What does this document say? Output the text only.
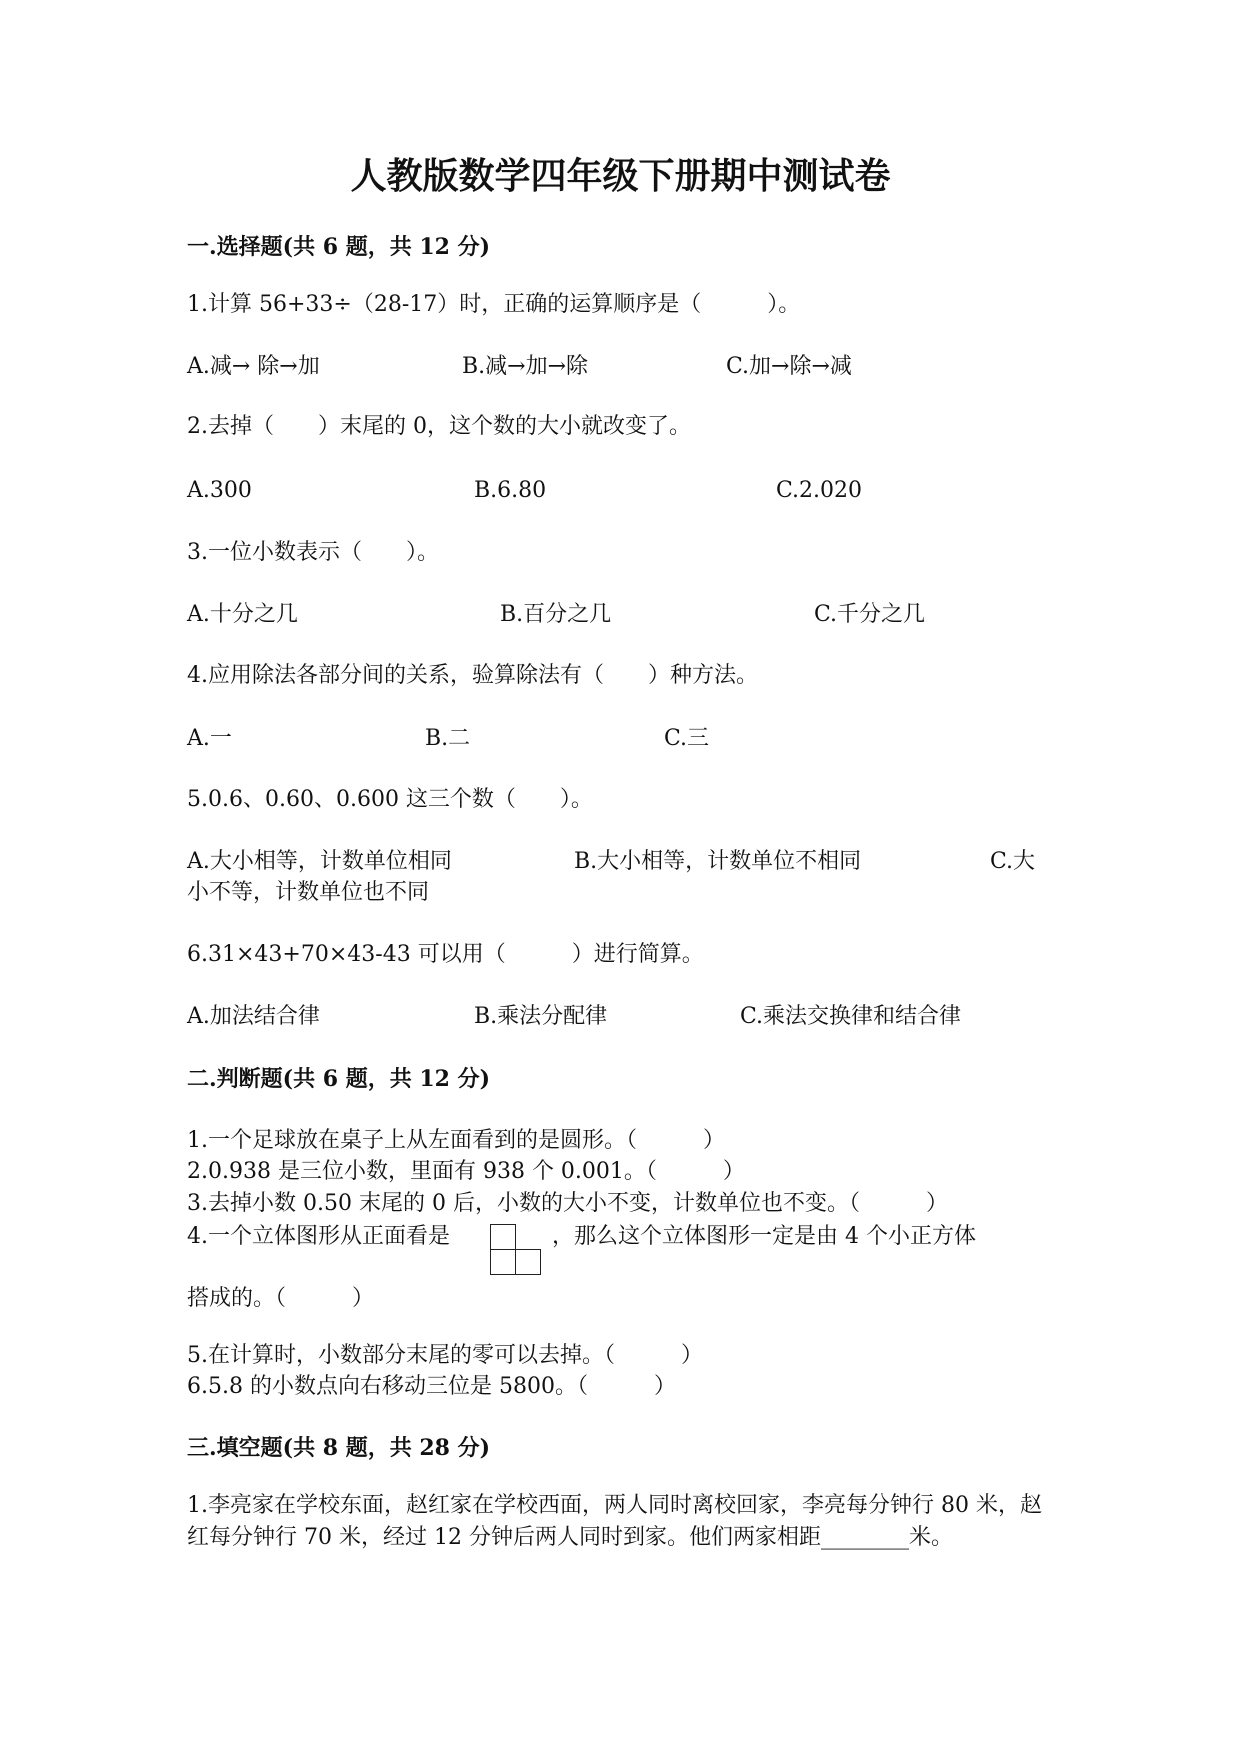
人教版数学四年级下册期中测试卷
一.选择题(共 6 题，共 12 分)
1.计算 56+33÷（28-17）时，正确的运算顺序是（　　　）。
A.减→ 除→加	B.减→加→除	C.加→除→减
2.去掉（　　）末尾的 0，这个数的大小就改变了。
A.300	B.6.80	C.2.020
3.一位小数表示（　　）。
A.十分之几	B.百分之几	C.千分之几
4.应用除法各部分间的关系，验算除法有（　　）种方法。
A.一	B.二	C.三
5.0.6、0.60、0.600 这三个数（　　）。
A.大小相等，计数单位相同	B.大小相等，计数单位不相同	C.大
小不等，计数单位也不同
6.31×43+70×43-43 可以用（　　　）进行简算。
A.加法结合律	B.乘法分配律	C.乘法交换律和结合律
二.判断题(共 6 题，共 12 分)
1.一个足球放在桌子上从左面看到的是圆形。（　　　）
2.0.938 是三位小数，里面有 938 个 0.001。（　　　）
3.去掉小数 0.50 末尾的 0 后，小数的大小不变，计数单位也不变。（　　　）
4.一个立体图形从正面看是	，那么这个立体图形一定是由 4 个小正方体
搭成的。（　　　）
5.在计算时，小数部分末尾的零可以去掉。（　　　）
6.5.8 的小数点向右移动三位是 5800。（　　　）
三.填空题(共 8 题，共 28 分)
1.李亮家在学校东面，赵红家在学校西面，两人同时离校回家，李亮每分钟行 80 米，赵红每分钟行 70 米，经过 12 分钟后两人同时到家。他们两家相距________米。
